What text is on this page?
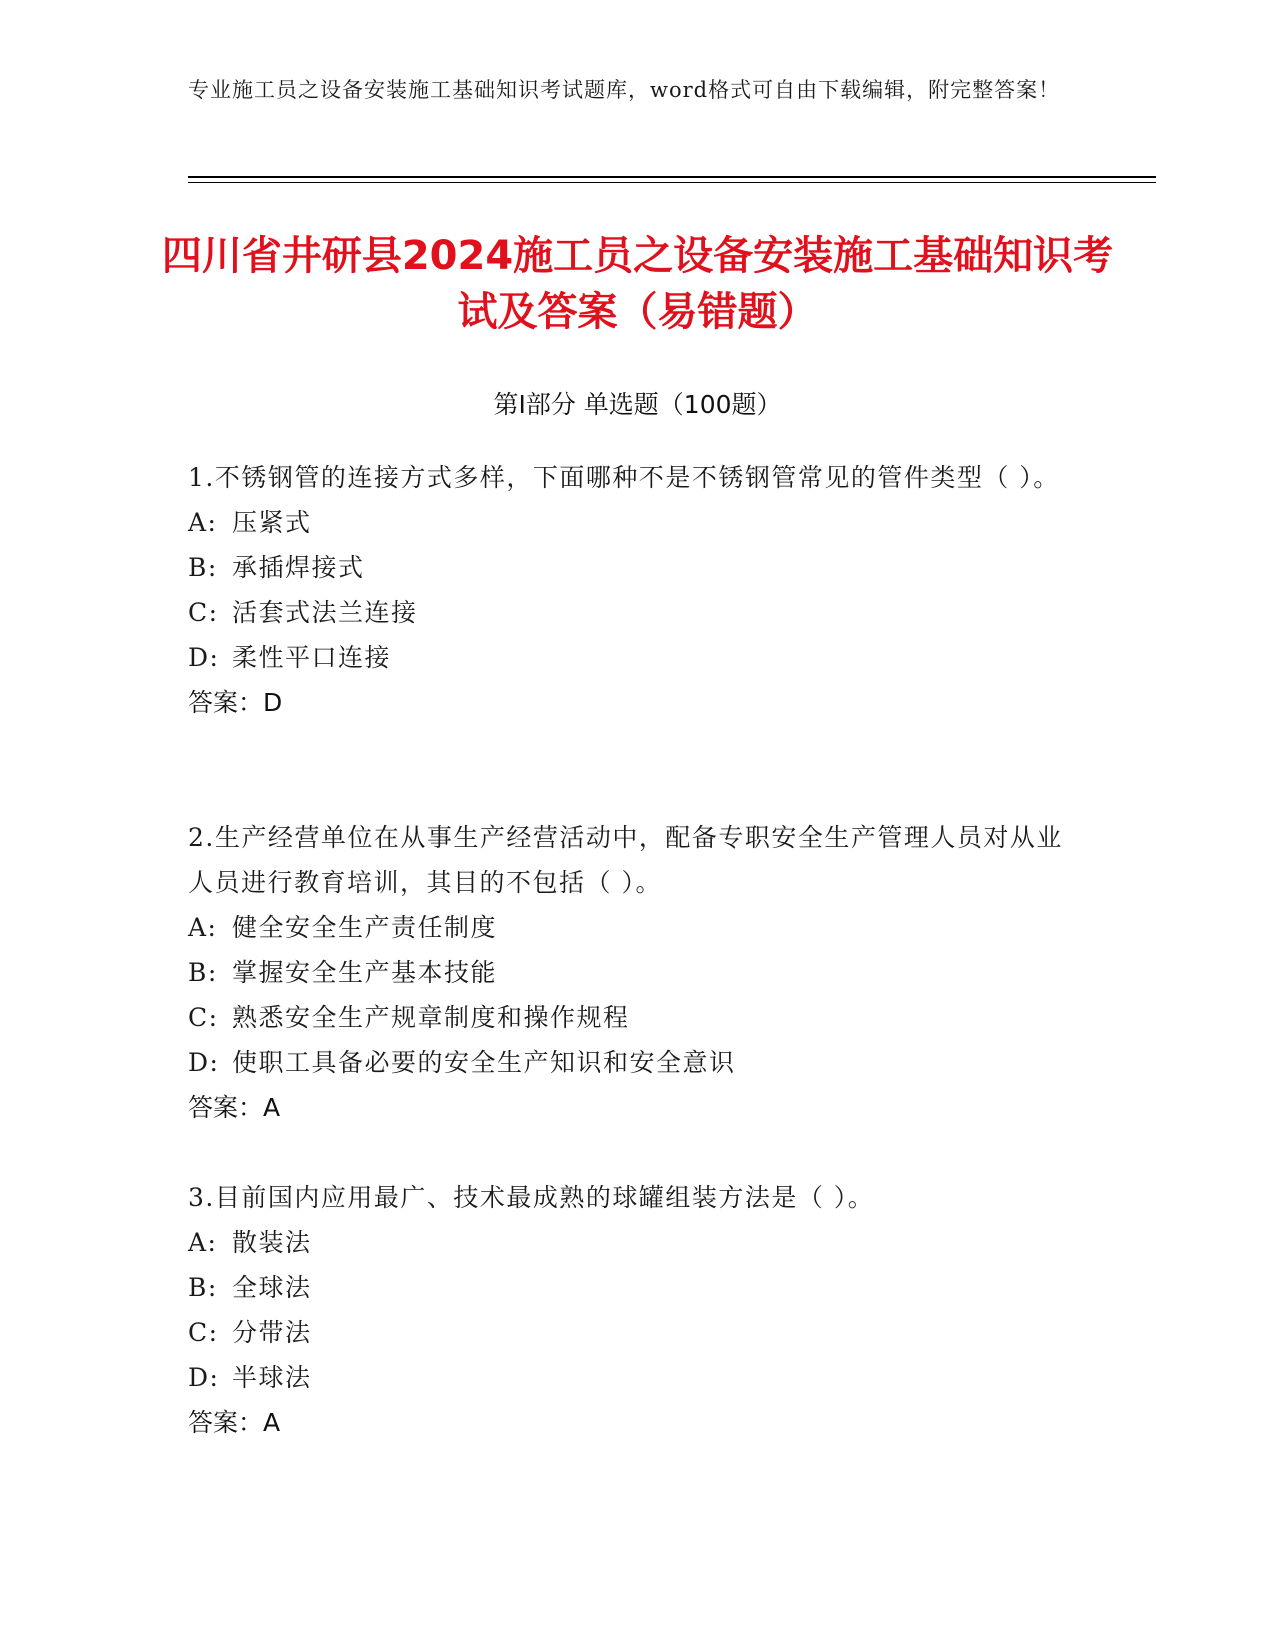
专业施工员之设备安装施工基础知识考试题库，word格式可自由下载编辑，附完整答案！
四川省井研县2024施工员之设备安装施工基础知识考试及答案（易错题）
第Ⅰ部分 单选题（100题）
1.不锈钢管的连接方式多样，下面哪种不是不锈钢管常见的管件类型（ ）。
A: 压紧式
B: 承插焊接式
C: 活套式法兰连接
D: 柔性平口连接
答案：D
2.生产经营单位在从事生产经营活动中，配备专职安全生产管理人员对从业人员进行教育培训，其目的不包括（ ）。
A: 健全安全生产责任制度
B: 掌握安全生产基本技能
C: 熟悉安全生产规章制度和操作规程
D: 使职工具备必要的安全生产知识和安全意识
答案：A
3.目前国内应用最广、技术最成熟的球罐组装方法是（ ）。
A: 散装法
B: 全球法
C: 分带法
D: 半球法
答案：A
